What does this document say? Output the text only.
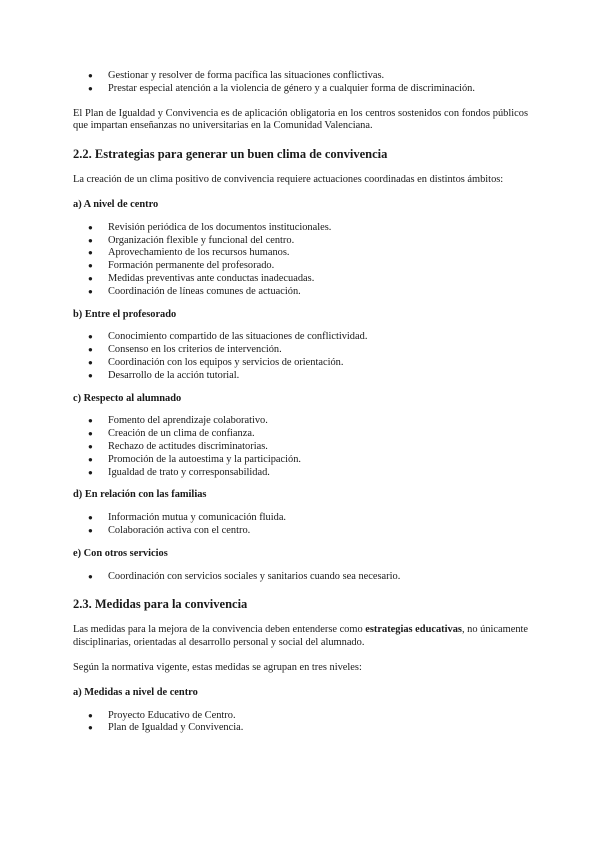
● Gestionar y resolver de forma pacífica las situaciones conflictivas.
● Prestar especial atención a la violencia de género y a cualquier forma de discriminación.

El Plan de Igualdad y Convivencia es de aplicación obligatoria en los centros sostenidos con fondos públicos que impartan enseñanzas no universitarias en la Comunidad Valenciana.

2.2. Estrategias para generar un buen clima de convivencia

La creación de un clima positivo de convivencia requiere actuaciones coordinadas en distintos ámbitos:

a) A nivel de centro
● Revisión periódica de los documentos institucionales.
● Organización flexible y funcional del centro.
● Aprovechamiento de los recursos humanos.
● Formación permanente del profesorado.
● Medidas preventivas ante conductas inadecuadas.
● Coordinación de líneas comunes de actuación.
b) Entre el profesorado
● Conocimiento compartido de las situaciones de conflictividad.
● Consenso en los criterios de intervención.
● Coordinación con los equipos y servicios de orientación.
● Desarrollo de la acción tutorial.
c) Respecto al alumnado
● Fomento del aprendizaje colaborativo.
● Creación de un clima de confianza.
● Rechazo de actitudes discriminatorias.
● Promoción de la autoestima y la participación.
● Igualdad de trato y corresponsabilidad.
d) En relación con las familias
● Información mutua y comunicación fluida.
● Colaboración activa con el centro.
e) Con otros servicios
● Coordinación con servicios sociales y sanitarios cuando sea necesario.
2.3. Medidas para la convivencia

Las medidas para la mejora de la convivencia deben entenderse como estrategias educativas, no únicamente disciplinarias, orientadas al desarrollo personal y social del alumnado.

Según la normativa vigente, estas medidas se agrupan en tres niveles:

a) Medidas a nivel de centro
● Proyecto Educativo de Centro.
● Plan de Igualdad y Convivencia.
